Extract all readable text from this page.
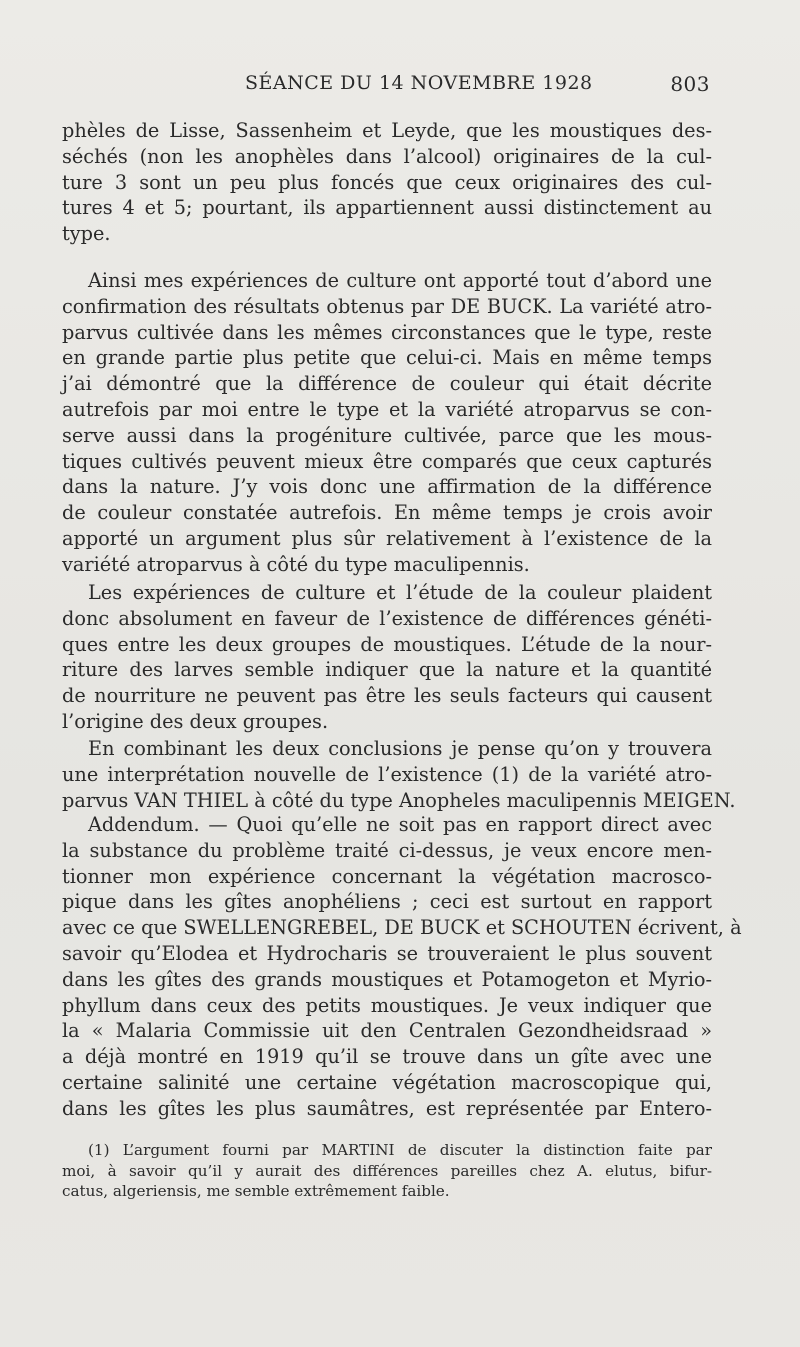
SÉANCE DU 14 NOVEMBRE 1928	803
phèles de Lisse, Sassenheim et Leyde, que les moustiques des-
séchés (non les anophèles dans l’alcool) originaires de la cul-
ture 3 sont un peu plus foncés que ceux originaires des cul-
tures 4 et 5; pourtant, ils appartiennent aussi distinctement au
type.
Ainsi mes expériences de culture ont apporté tout d’abord une
confirmation des résultats obtenus par DE BUCK. La variété atro-
parvus cultivée dans les mêmes circonstances que le type, reste
en grande partie plus petite que celui-ci. Mais en même temps
j’ai démontré que la différence de couleur qui était décrite
autrefois par moi entre le type et la variété atroparvus se con-
serve aussi dans la progéniture cultivée, parce que les mous-
tiques cultivés peuvent mieux être comparés que ceux capturés
dans la nature. J’y vois donc une affirmation de la différence
de couleur constatée autrefois. En même temps je crois avoir
apporté un argument plus sûr relativement à l’existence de la
variété atroparvus à côté du type maculipennis.
Les expériences de culture et l’étude de la couleur plaident
donc absolument en faveur de l’existence de différences généti-
ques entre les deux groupes de moustiques. L’étude de la nour-
riture des larves semble indiquer que la nature et la quantité
de nourriture ne peuvent pas être les seuls facteurs qui causent
l’origine des deux groupes.
En combinant les deux conclusions je pense qu’on y trouvera
une interprétation nouvelle de l’existence (1) de la variété atro-
parvus VAN THIEL à côté du type Anopheles maculipennis MEIGEN.
Addendum. — Quoi qu’elle ne soit pas en rapport direct avec
la substance du problème traité ci-dessus, je veux encore men-
tionner mon expérience concernant la végétation macrosco-
pique dans les gîtes anophéliens ; ceci est surtout en rapport
avec ce que SWELLENGREBEL, DE BUCK et SCHOUTEN écrivent, à
savoir qu’Elodea et Hydrocharis se trouveraient le plus souvent
dans les gîtes des grands moustiques et Potamogeton et Myrio-
phyllum dans ceux des petits moustiques. Je veux indiquer que
la « Malaria Commissie uit den Centralen Gezondheidsraad »
a déjà montré en 1919 qu’il se trouve dans un gîte avec une
certaine salinité une certaine végétation macroscopique qui,
dans les gîtes les plus saumâtres, est représentée par Entero-
(1) L’argument fourni par MARTINI de discuter la distinction faite par
moi, à savoir qu’il y aurait des différences pareilles chez A. elutus, bifur-
catus, algeriensis, me semble extrêmement faible.
